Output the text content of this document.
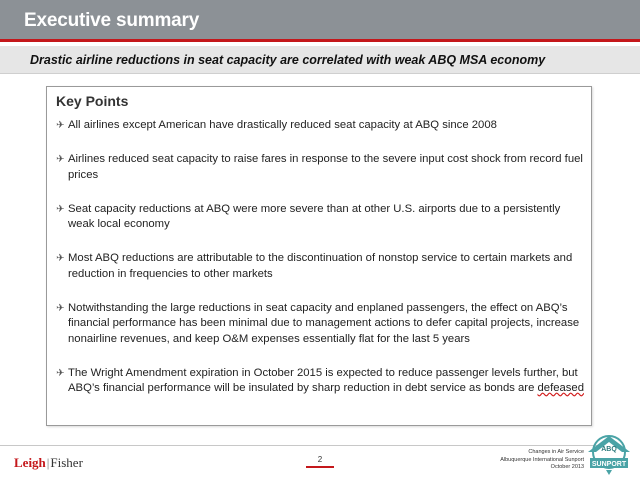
Executive summary
Drastic airline reductions in seat capacity are correlated with weak ABQ MSA economy
Key Points
✈ All airlines except American have drastically reduced seat capacity at ABQ since 2008
✈ Airlines reduced seat capacity to raise fares in response to the severe input cost shock from record fuel prices
✈ Seat capacity reductions at ABQ were more severe than at other U.S. airports due to a persistently weak local economy
✈ Most ABQ reductions are attributable to the discontinuation of nonstop service to certain markets and reduction in frequencies to other markets
✈ Notwithstanding the large reductions in seat capacity and enplaned passengers, the effect on ABQ’s financial performance has been minimal due to management actions to defer capital projects, increase nonairline revenues, and keep O&M expenses essentially flat for the last 5 years
✈ The Wright Amendment expiration in October 2015 is expected to reduce passenger levels further, but ABQ’s financial performance will be insulated by sharp reduction in debt service as bonds are defeased
Leigh|Fisher	2
Changes in Air Service
Albuquerque International Sunport
October 2013
ABQ
SUNPORT
